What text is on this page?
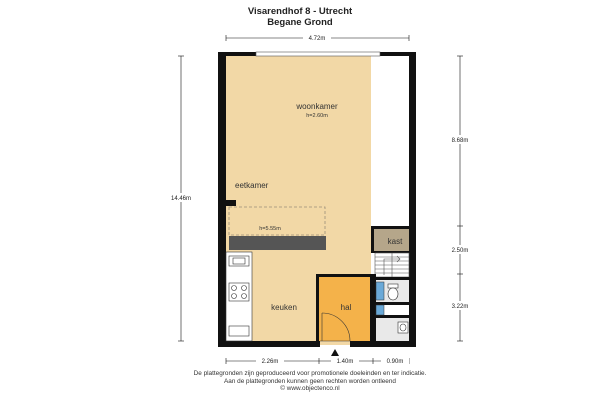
Visarendhof 8 - Utrecht
Begane Grond
4.72m
14.46m
8.68m
2.50m
3.22m
2.26m	1.40m	0.90m
woonkamer
h=2.60m
eetkamer
h=5.55m
kast
keuken	hal
De plattegronden zijn geproduceerd voor promotionele doeleinden en ter indicatie.
Aan de plattegronden kunnen geen rechten worden ontleend
© www.objectenco.nl
